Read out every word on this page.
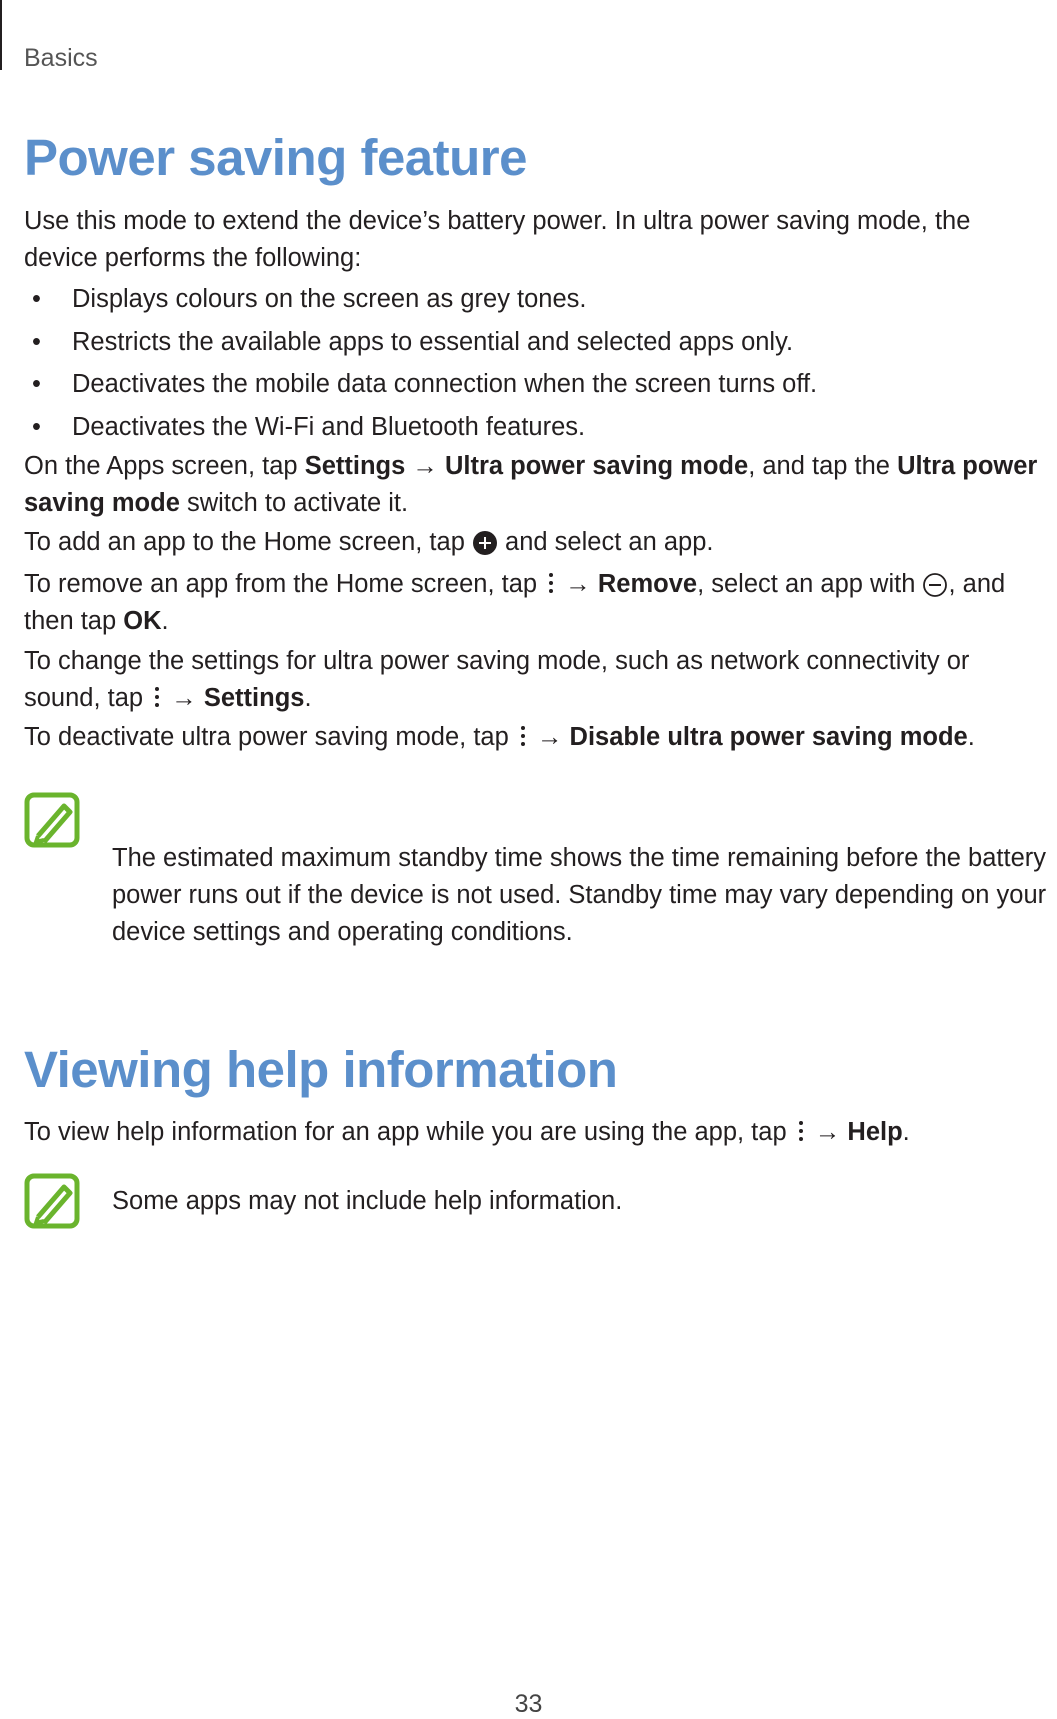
Basics
Power saving feature

Use this mode to extend the device’s battery power. In ultra power saving mode, the device performs the following:

• Displays colours on the screen as grey tones.
• Restricts the available apps to essential and selected apps only.
• Deactivates the mobile data connection when the screen turns off.
• Deactivates the Wi-Fi and Bluetooth features.

On the Apps screen, tap Settings → Ultra power saving mode, and tap the Ultra power saving mode switch to activate it.

To add an app to the Home screen, tap  and select an app.

To remove an app from the Home screen, tap
→ Remove, select an app with , and then tap OK.

To change the settings for ultra power saving mode, such as network connectivity or sound, tap
→ Settings.

To deactivate ultra power saving mode, tap
→ Disable ultra power saving mode.

The estimated maximum standby time shows the time remaining before the battery power runs out if the device is not used. Standby time may vary depending on your device settings and operating conditions.
Viewing help information

To view help information for an app while you are using the app, tap
→ Help.

Some apps may not include help information.
33
